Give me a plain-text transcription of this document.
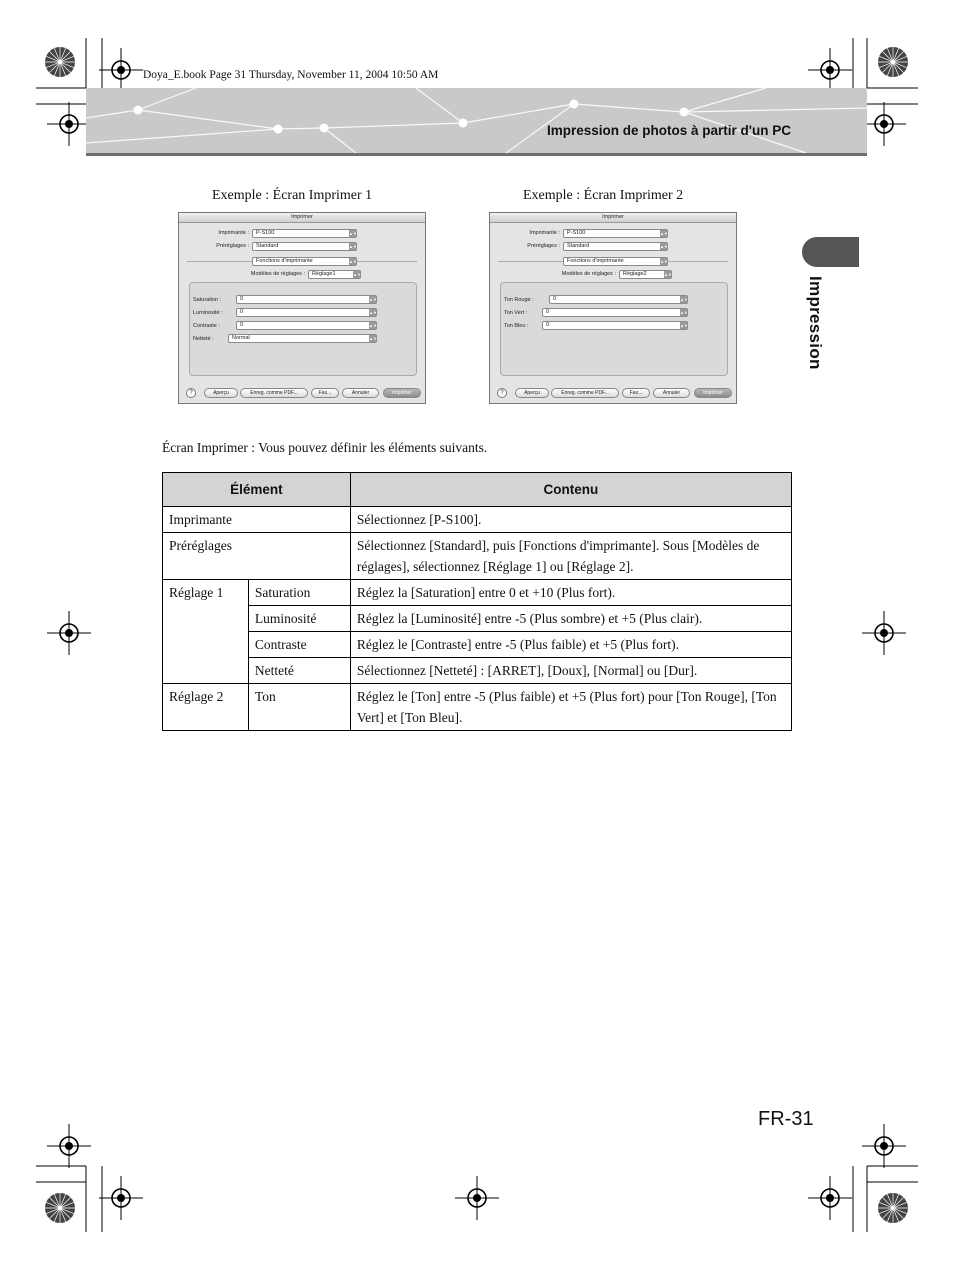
Doya_E.book Page 31 Thursday, November 11, 2004 10:50 AM
Impression de photos à partir d'un PC
Impression
Exemple : Écran Imprimer 1	Exemple : Écran Imprimer 2
Imprimer
Imprimante :	P-S100	▲▼
Préréglages :	Standard	▲▼
Fonctions d'imprimante	▲▼
Modèles de réglages :	Réglage1	▲▼
Saturation :	0	▲▼
Luminosité :	0	▲▼
Contraste :	0	▲▼
Netteté :	Normal	▲▼
?	Aperçu	Enreg. comme PDF...	Fax...	Annuler	Imprimer
Imprimer
Imprimante :	P-S100	▲▼
Préréglages :	Standard	▲▼
Fonctions d'imprimante	▲▼
Modèles de réglages :	Réglage2	▲▼
Ton Rouge :	0	▲▼
Ton Vert :	0	▲▼
Ton Bleu :	0	▲▼
?	Aperçu	Enreg. comme PDF...	Fax...	Annuler	Imprimer
Écran Imprimer : Vous pouvez définir les éléments suivants.
Élément		Contenu
Imprimante		Sélectionnez [P-S100].
Préréglages		Sélectionnez [Standard], puis [Fonctions d'imprimante]. Sous [Modèles de réglages], sélectionnez [Réglage 1] ou [Réglage 2].
Réglage 1	Saturation	Réglez la [Saturation] entre 0 et +10 (Plus fort).
	Luminosité	Réglez la [Luminosité] entre -5 (Plus sombre) et +5 (Plus clair).
	Contraste	Réglez le [Contraste] entre -5 (Plus faible) et +5 (Plus fort).
	Netteté	Sélectionnez [Netteté] : [ARRET], [Doux], [Normal] ou [Dur].
Réglage 2	Ton	Réglez le [Ton] entre -5 (Plus faible) et +5 (Plus fort) pour [Ton Rouge], [Ton Vert] et [Ton Bleu].
FR-31
